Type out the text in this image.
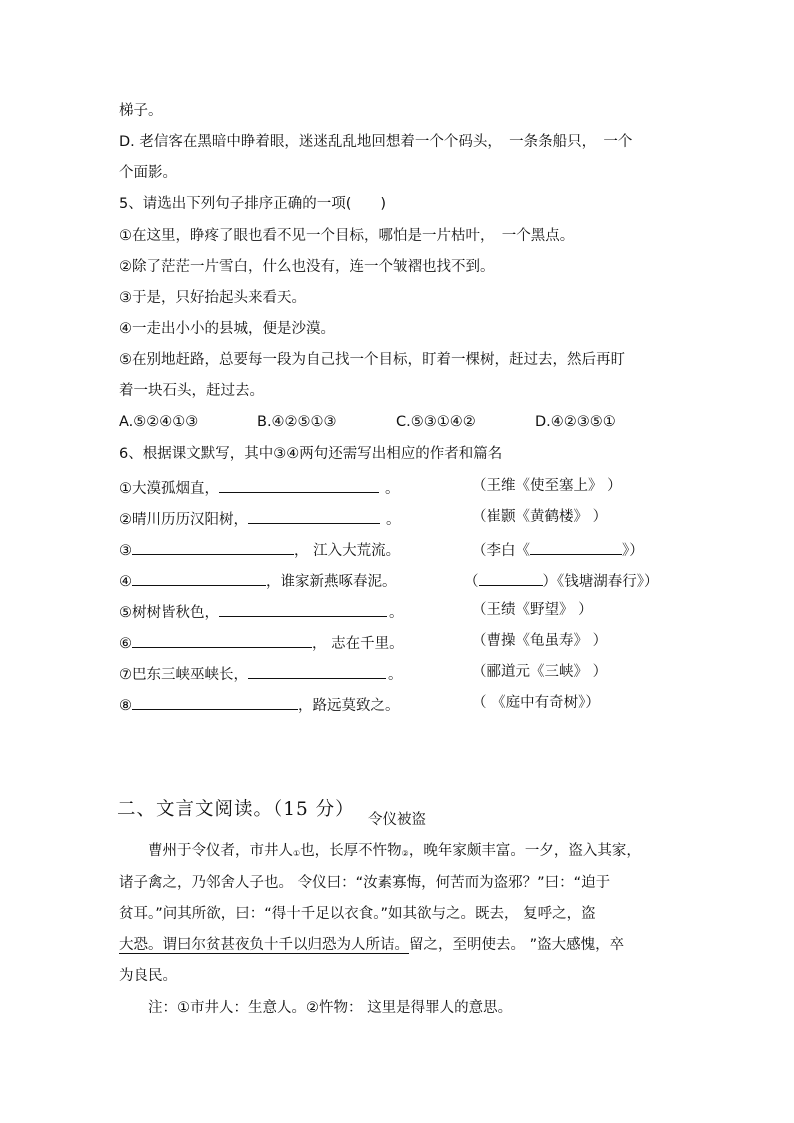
梯子。
D. 老信客在黑暗中睁着眼，迷迷乱乱地回想着一个个码头，　一条条船只，　一个
个面影。
5、请选出下列句子排序正确的一项(　　)
①在这里，睁疼了眼也看不见一个目标，哪怕是一片枯叶，　一个黑点。
②除了茫茫一片雪白，什么也没有，连一个皱褶也找不到。
③于是，只好抬起头来看天。
④一走出小小的县城，便是沙漠。
⑤在别地赶路，总要每一段为自己找一个目标，盯着一棵树，赶过去，然后再盯
着一块石头，赶过去。
A.⑤②④①③	B.④②⑤①③	C.⑤③①④②	D.④②③⑤①
6、根据课文默写，其中③④两句还需写出相应的作者和篇名
①大漠孤烟直，	。	（王维《使至塞上》 ）
②晴川历历汉阳树，	。	（崔颢《黄鹤楼》 ）
③	， 江入大荒流。	（李白《	》）
④	，谁家新燕啄春泥。	（	）《钱塘湖春行》）
⑤树树皆秋色，	。	（王绩《野望》 ）
⑥	， 志在千里。	（曹操《龟虽寿》 ）
⑦巴东三峡巫峡长，	。	（郦道元《三峡》 ）
⑧	，路远莫致之。	（ 《庭中有奇树》）
二、文言文阅读。（15 分） 令仪被盗
曹州于令仪者，市井人$_①$也，长厚不忤物$_②$，晚年家颇丰富。一夕，盗入其家，
诸子禽之，乃邻舍人子也。 令仪曰：“汝素寡悔，何苦而为盗邪？”曰：“迫于
贫耳。”问其所欲，曰：“得十千足以衣食。”如其欲与之。既去， 复呼之，盗
大恐。谓曰尔贫甚夜负十千以归恐为人所诘。留之，至明使去。 ”盗大感愧，卒
为良民。
注：①市井人：生意人。②忤物： 这里是得罪人的意思。
